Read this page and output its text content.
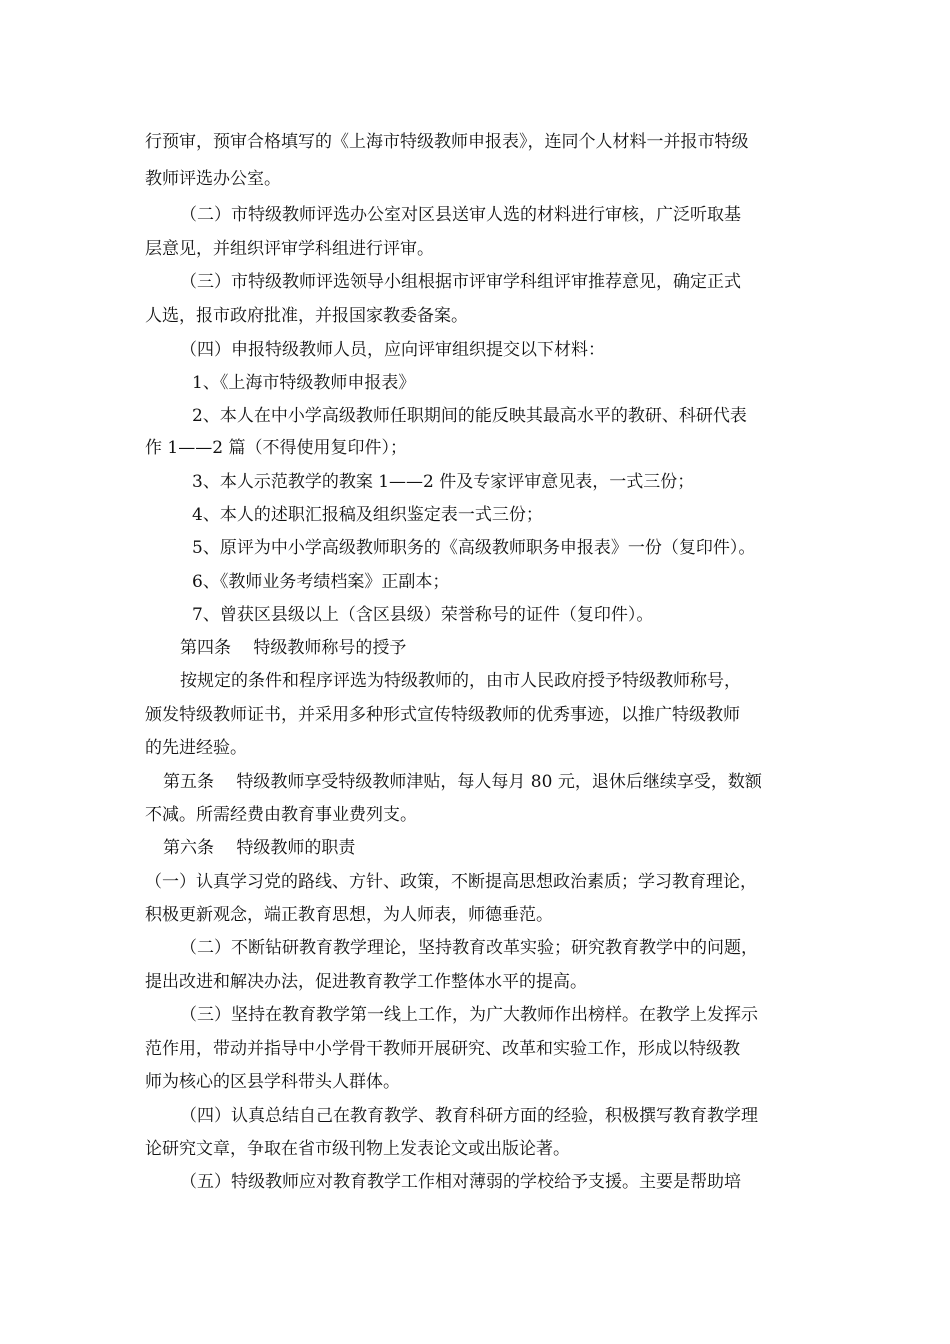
行预审，预审合格填写的《上海市特级教师申报表》，连同个人材料一并报市特级
教师评选办公室。
（二）市特级教师评选办公室对区县送审人选的材料进行审核，广泛听取基
层意见，并组织评审学科组进行评审。
（三）市特级教师评选领导小组根据市评审学科组评审推荐意见，确定正式
人选，报市政府批准，并报国家教委备案。
（四）申报特级教师人员，应向评审组织提交以下材料：
1、《上海市特级教师申报表》
2、本人在中小学高级教师任职期间的能反映其最高水平的教研、科研代表
作 1——2 篇（不得使用复印件）；
3、本人示范教学的教案 1——2 件及专家评审意见表，一式三份；
4、本人的述职汇报稿及组织鉴定表一式三份；
5、原评为中小学高级教师职务的《高级教师职务申报表》一份（复印件）。
6、《教师业务考绩档案》正副本；
7、曾获区县级以上（含区县级）荣誉称号的证件（复印件）。
第四条　 特级教师称号的授予
按规定的条件和程序评选为特级教师的，由市人民政府授予特级教师称号，
颁发特级教师证书，并采用多种形式宣传特级教师的优秀事迹，以推广特级教师
的先进经验。
第五条　 特级教师享受特级教师津贴，每人每月 80 元，退休后继续享受，数额
不减。所需经费由教育事业费列支。
第六条　 特级教师的职责
（一）认真学习党的路线、方针、政策，不断提高思想政治素质；学习教育理论，
积极更新观念，端正教育思想，为人师表，师德垂范。
（二）不断钻研教育教学理论，坚持教育改革实验；研究教育教学中的问题，
提出改进和解决办法，促进教育教学工作整体水平的提高。
（三）坚持在教育教学第一线上工作，为广大教师作出榜样。在教学上发挥示
范作用，带动并指导中小学骨干教师开展研究、改革和实验工作，形成以特级教
师为核心的区县学科带头人群体。
（四）认真总结自己在教育教学、教育科研方面的经验，积极撰写教育教学理
论研究文章，争取在省市级刊物上发表论文或出版论著。
（五）特级教师应对教育教学工作相对薄弱的学校给予支援。主要是帮助培
